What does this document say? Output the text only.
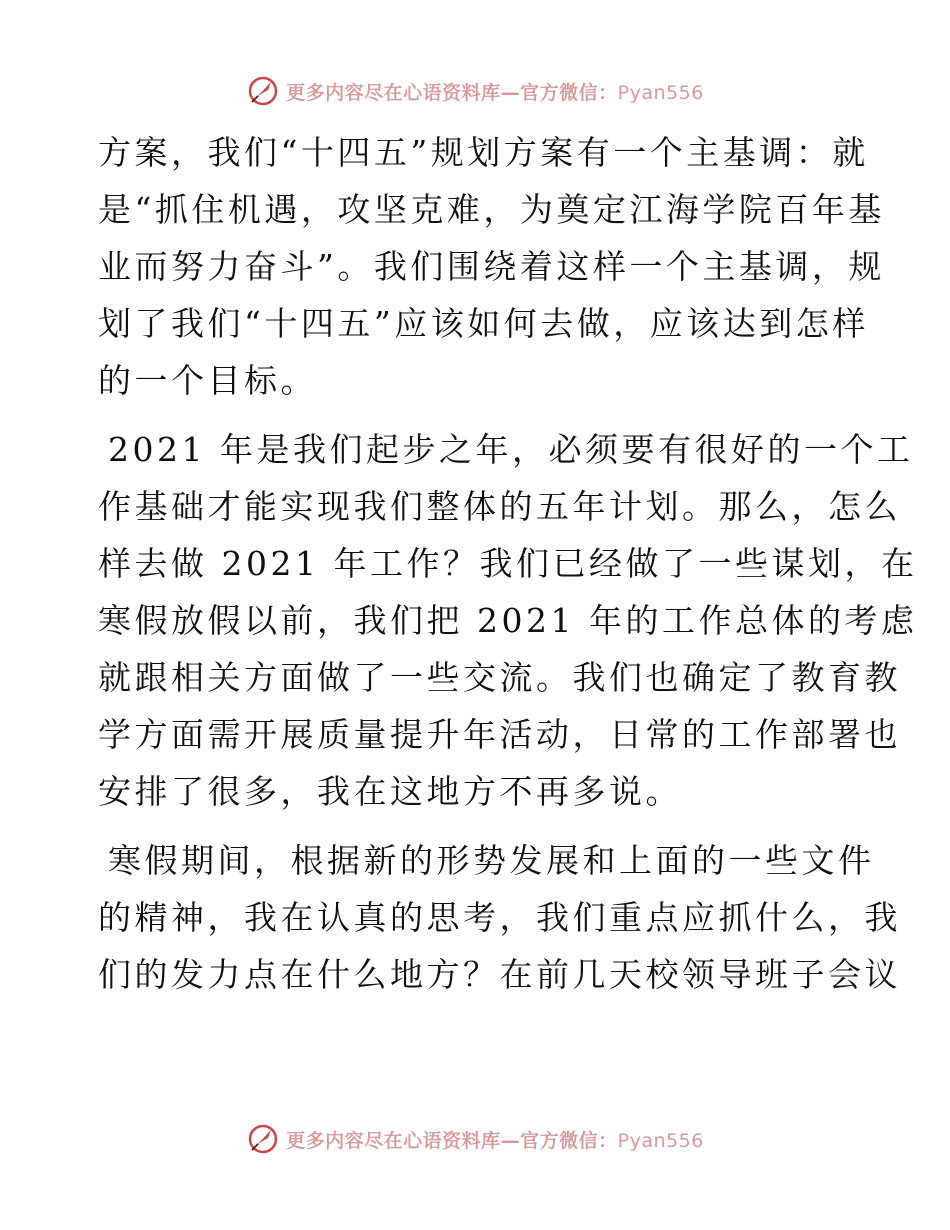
更多内容尽在心语资料库—官方微信：Pyan556

方案，我们“十四五”规划方案有一个主基调：就
是“抓住机遇，攻坚克难，为奠定江海学院百年基
业而努力奋斗”。我们围绕着这样一个主基调，规
划了我们“十四五”应该如何去做，应该达到怎样
的一个目标。

2021 年是我们起步之年，必须要有很好的一个工
作基础才能实现我们整体的五年计划。那么，怎么
样去做 2021 年工作？我们已经做了一些谋划，在
寒假放假以前，我们把 2021 年的工作总体的考虑
就跟相关方面做了一些交流。我们也确定了教育教
学方面需开展质量提升年活动，日常的工作部署也
安排了很多，我在这地方不再多说。

寒假期间，根据新的形势发展和上面的一些文件
的精神，我在认真的思考，我们重点应抓什么，我
们的发力点在什么地方？在前几天校领导班子会议

更多内容尽在心语资料库—官方微信：Pyan556
